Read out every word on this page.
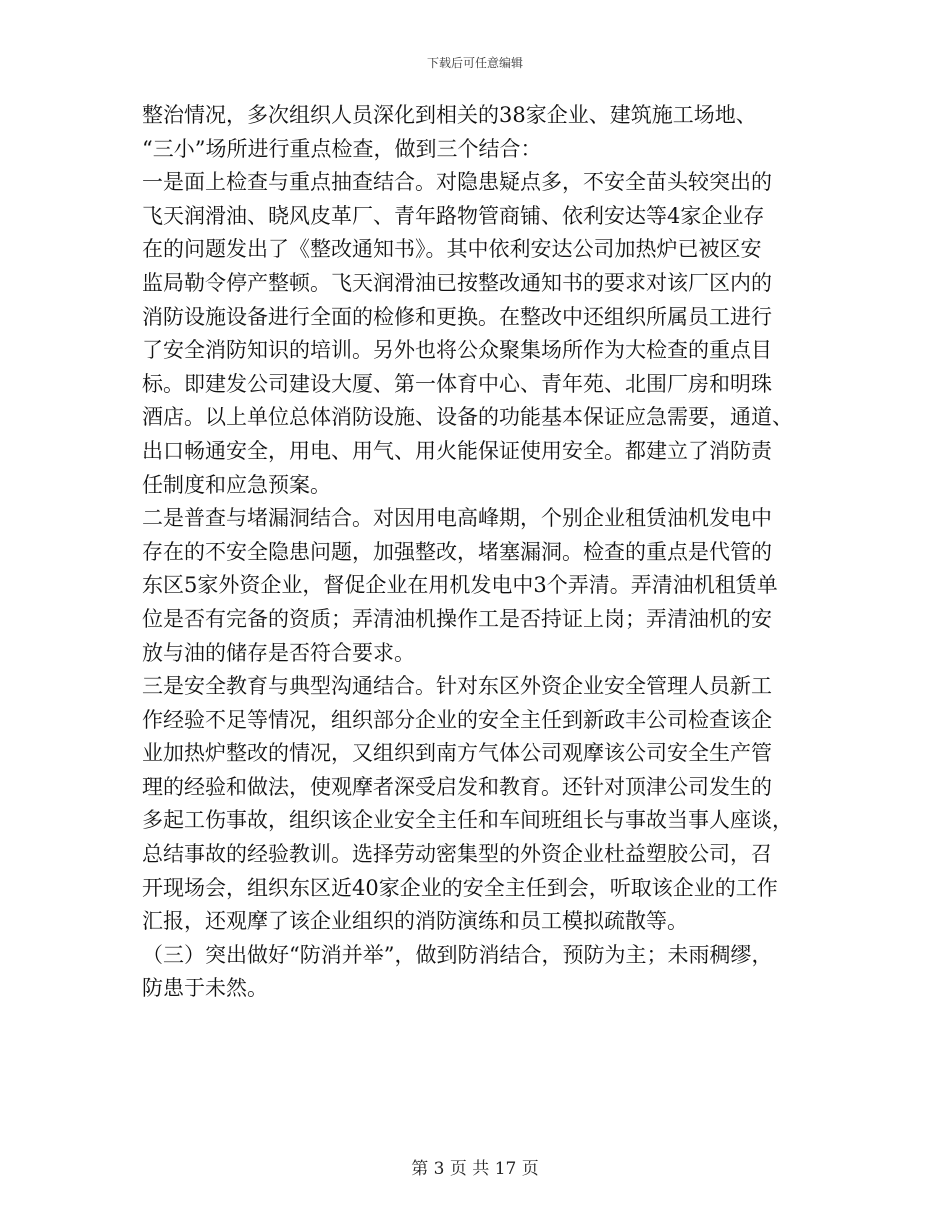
下载后可任意编辑
整治情况，多次组织人员深化到相关的38家企业、建筑施工场地、
“三小”场所进行重点检查，做到三个结合：
一是面上检查与重点抽查结合。对隐患疑点多，不安全苗头较突出的
飞天润滑油、晓风皮革厂、青年路物管商铺、依利安达等4家企业存
在的问题发出了《整改通知书》。其中依利安达公司加热炉已被区安
监局勒令停产整顿。飞天润滑油已按整改通知书的要求对该厂区内的
消防设施设备进行全面的检修和更换。在整改中还组织所属员工进行
了安全消防知识的培训。另外也将公众聚集场所作为大检查的重点目
标。即建发公司建设大厦、第一体育中心、青年苑、北围厂房和明珠
酒店。以上单位总体消防设施、设备的功能基本保证应急需要，通道、
出口畅通安全，用电、用气、用火能保证使用安全。都建立了消防责
任制度和应急预案。
二是普查与堵漏洞结合。对因用电高峰期，个别企业租赁油机发电中
存在的不安全隐患问题，加强整改，堵塞漏洞。检查的重点是代管的
东区5家外资企业，督促企业在用机发电中3个弄清。弄清油机租赁单
位是否有完备的资质；弄清油机操作工是否持证上岗；弄清油机的安
放与油的储存是否符合要求。
三是安全教育与典型沟通结合。针对东区外资企业安全管理人员新工
作经验不足等情况，组织部分企业的安全主任到新政丰公司检查该企
业加热炉整改的情况，又组织到南方气体公司观摩该公司安全生产管
理的经验和做法，使观摩者深受启发和教育。还针对顶津公司发生的
多起工伤事故，组织该企业安全主任和车间班组长与事故当事人座谈，
总结事故的经验教训。选择劳动密集型的外资企业杜益塑胶公司，召
开现场会，组织东区近40家企业的安全主任到会，听取该企业的工作
汇报，还观摩了该企业组织的消防演练和员工模拟疏散等。
（三）突出做好“防消并举”，做到防消结合，预防为主；未雨稠缪，
防患于未然。
第 3 页 共 17 页
